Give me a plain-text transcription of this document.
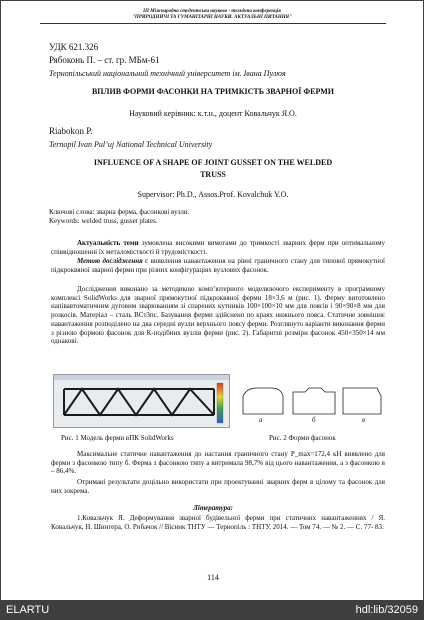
ІІІ Міжнародна студентська науково - технічна конференція
"ПРИРОДНИЧІ ТА ГУМАНІТАРНІ НАУКИ. АКТУАЛЬНІ ПИТАННЯ"
УДК 621.326
Рябоконь П. – ст. гр. МБм-61
Тернопільський національний технічний університет ім. Івана Пулюя
ВПЛИВ ФОРМИ ФАСОНКИ НА ТРИМКІСТЬ ЗВАРНОЇ ФЕРМИ
Науковий керівник: к.т.н., доцент Ковальчук Я.О.
Riabokon P.
Ternopil Ivan Pul’uj National Technical University
INFLUENCE OF A SHAPE OF JOINT GUSSET ON THE WELDED
TRUSS
Supervisor: Ph.D., Assos.Prof. Kovalchuk Y.O.
Ключові слова: зварна ферма, фасонкові вузли.
Keywords: welded truss, gusset plates.
Актуальність теми зумовлена високими вимогами до тримкості зварних ферм при оптимальному співвідношенні їх металомісткості й трудомісткості.
Метою дослідження є виявлення навантаження на рівні граничного стану для типової прямокутної підкроквяної зварної ферми при різних конфігураціях вузлових фасонок.
Дослідження виконано за методикою комп’ютерного моделюючого експерименту в програмному комплексі SolidWorks для зварної прямокутної підкроквяної ферми 18×3,6 м (рис. 1). Ферму виготовлено напівавтоматичним дуговим зварюванням зі спарених кутників 100×100×10 мм для поясів і 90×90×8 мм для розкосів. Матеріал – сталь ВСт3пс. Базування ферми здійснено по краях нижнього пояса. Статичне зовнішнє навантаження розподілено на два середні вузли верхнього поясу ферми. Розглянуто варіанти виконання ферми з різною формою фасонок для К-подібних вузлів ферми (рис. 2). Габаритні розміри фасонок 450×350×14 мм однакові.
а	б	в
Рис. 1 Модель ферми вПК SolidWorks	Рис. 2 Форми фасонок
Максимальне статичне навантаження до настання граничного стану P_max=172,4 кН виявлено для ферми з фасонкою типу б. Ферма з фасонкою типу а витримала 98,7% від цього навантаження, а з фасонкою в – 86,4%.
Отримані результати доцільно використати при проектуванні зварних ферм в цілому та фасонок для них зокрема.
Література:
1.Ковальчук Я. Деформування зварної будівельної ферми при статичних навантаженнях / Я. Ковальчук, Н. Шингера, О. Рибачок // Вісник ТНТУ — Тернопіль : ТНТУ, 2014. — Том 74. — № 2. — С. 77- 83.
114
ELARTU	hdl:lib/32059
